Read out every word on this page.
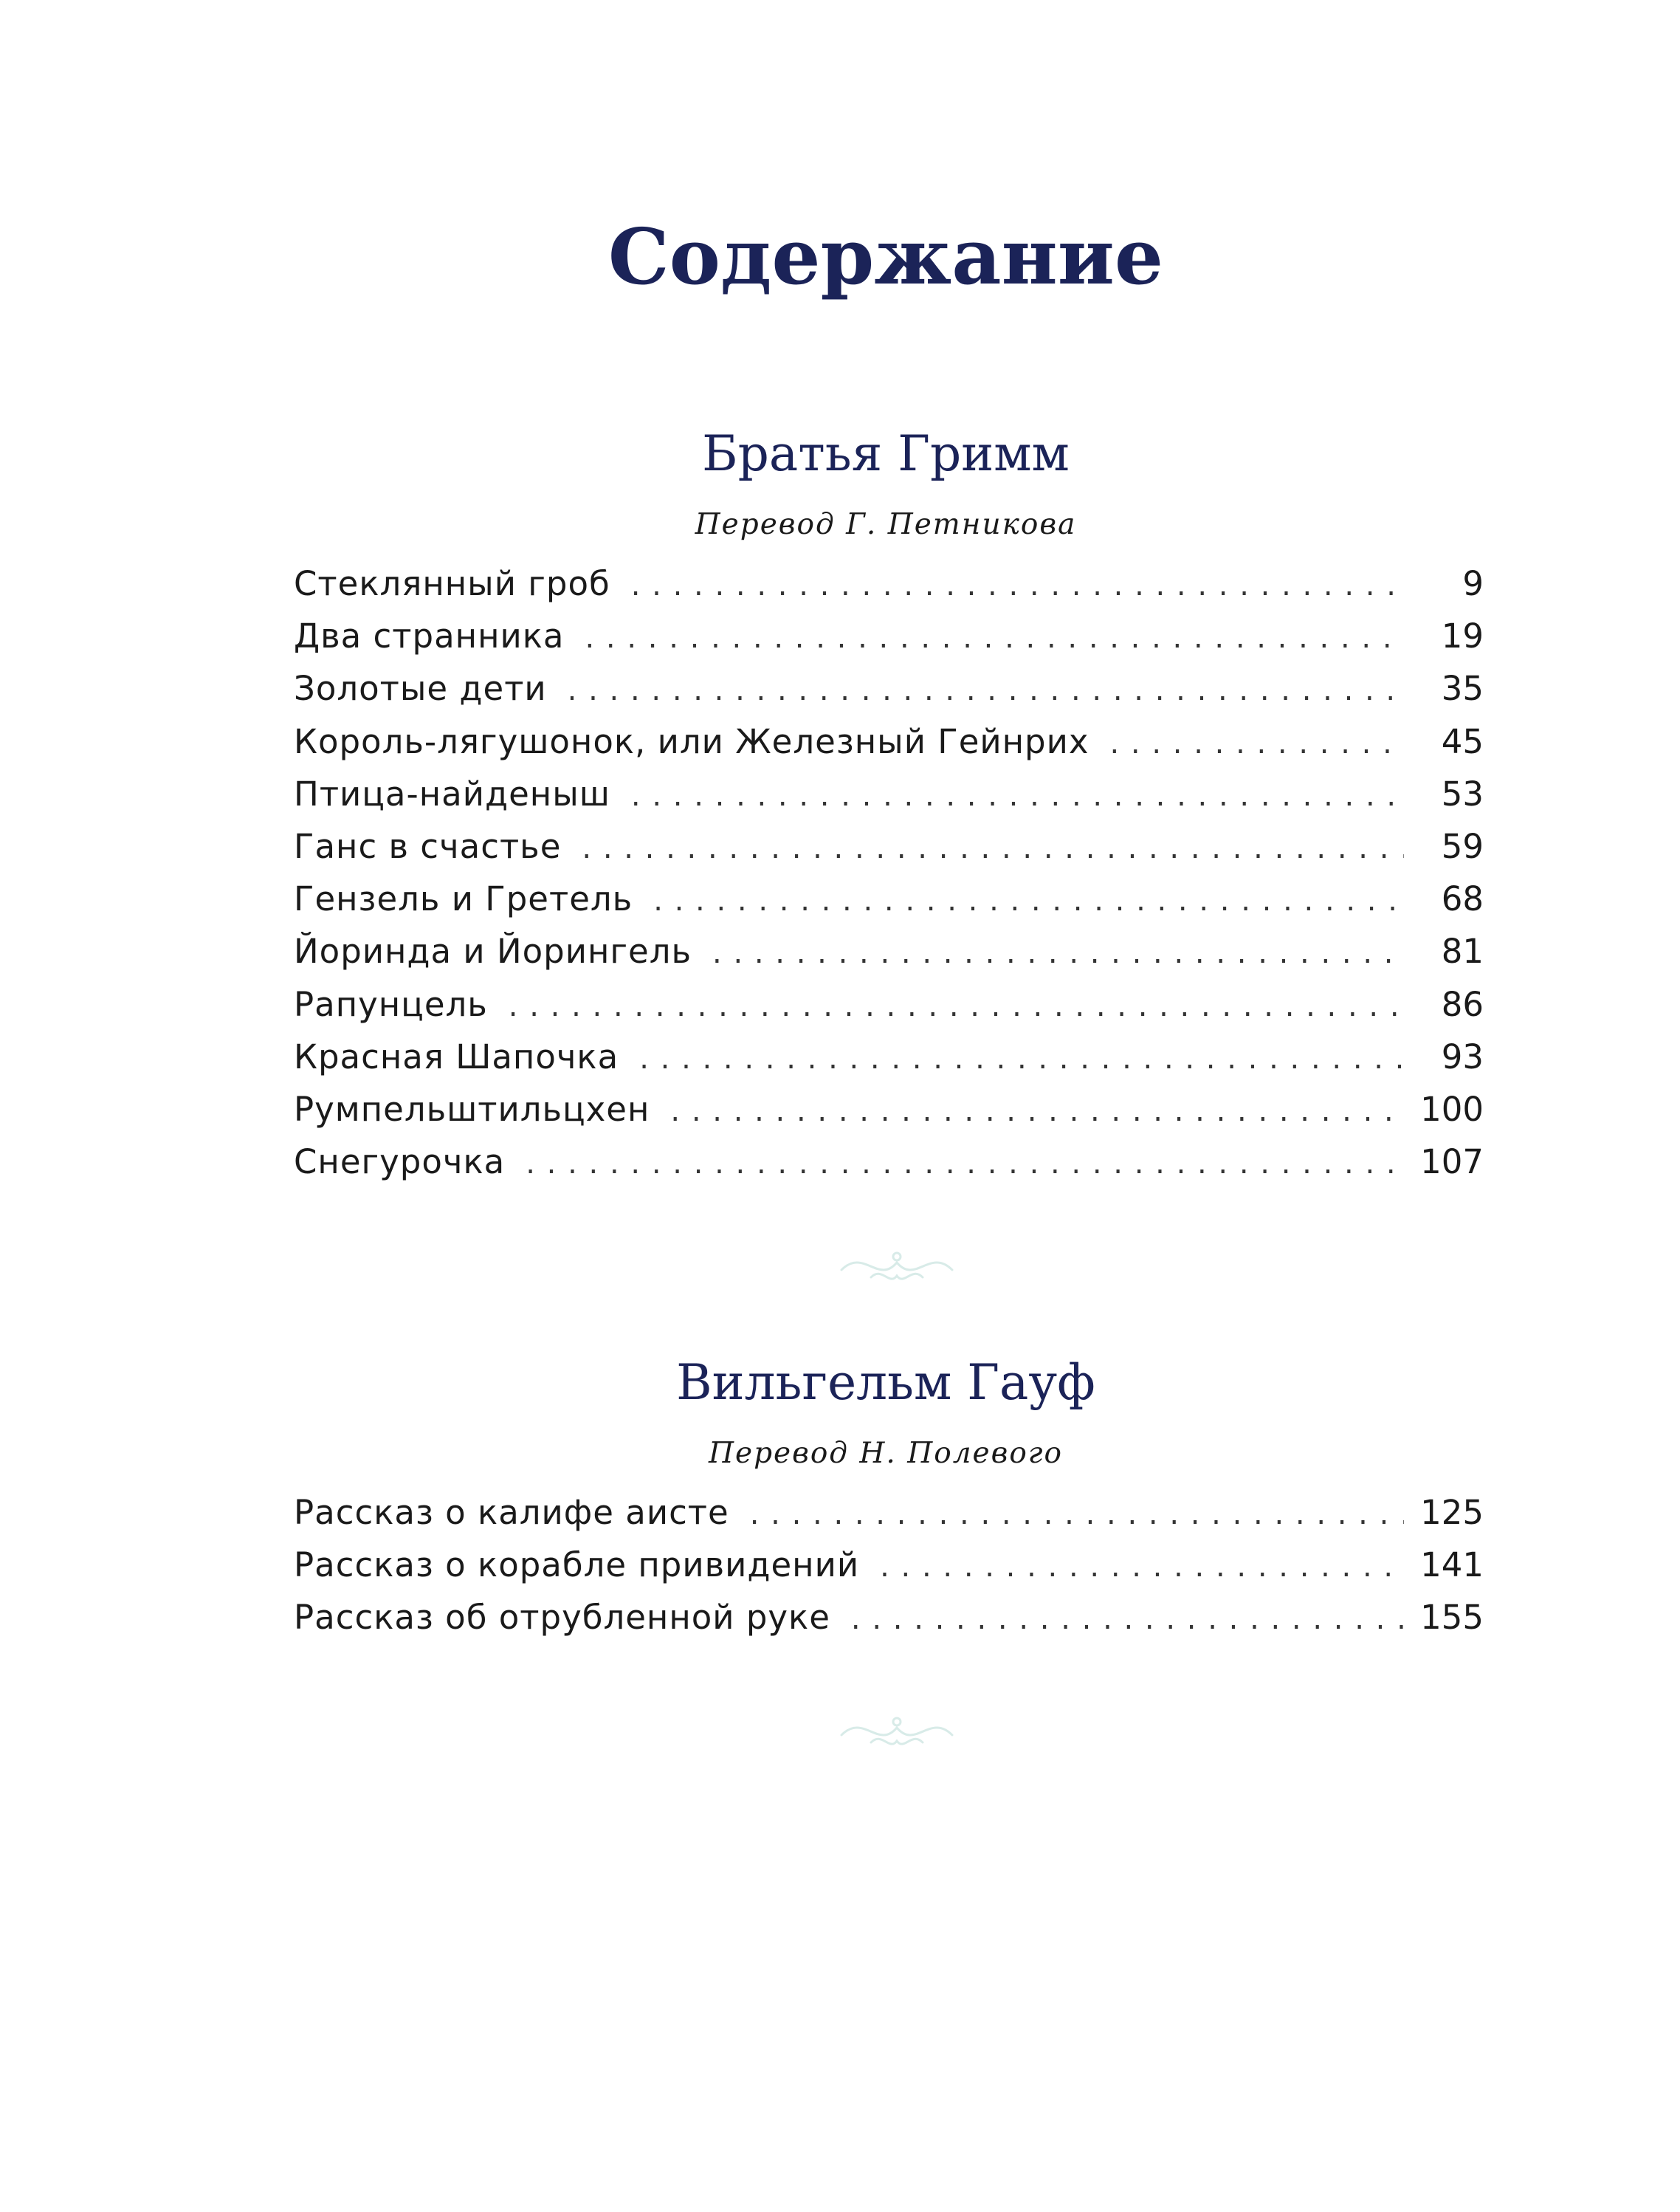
Содержание
Братья Гримм
Перевод Г. Петникова
Стеклянный гроб . . .	9
Два странника . . .	19
Золотые дети . . .	35
Король-лягушонок, или Железный Гейнрих . . .	45
Птица-найденыш . . .	53
Ганс в счастье . . .	59
Гензель и Гретель . . .	68
Йоринда и Йорингель . . .	81
Рапунцель . . .	86
Красная Шапочка . . .	93
Румпельштильцхен . . .	100
Снегурочка . . .	107
Вильгельм Гауф
Перевод Н. Полевого
Рассказ о калифе аисте . . .	125
Рассказ о корабле привидений . . .	141
Рассказ об отрубленной руке . . .	155
